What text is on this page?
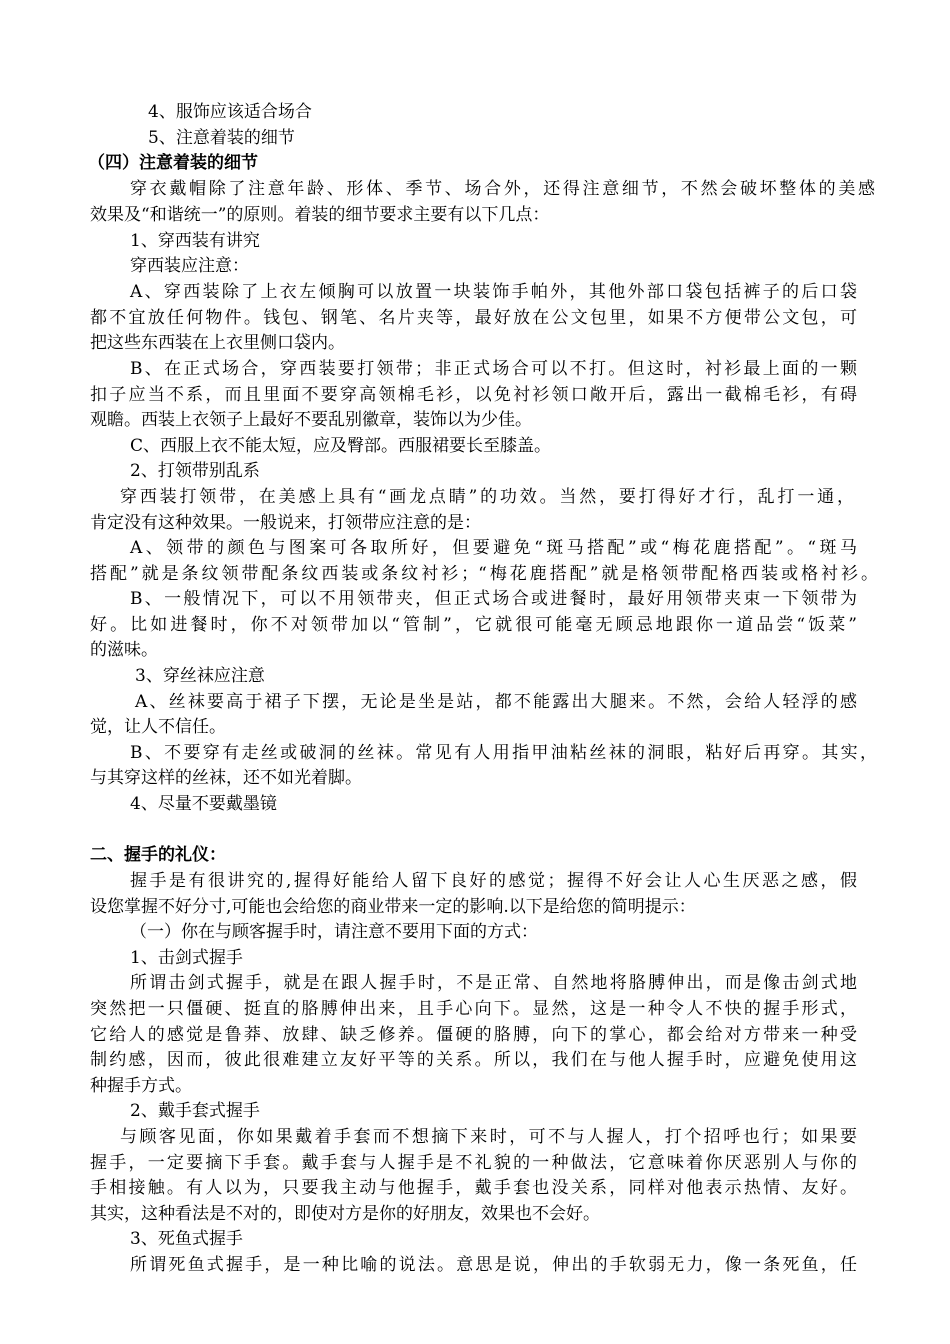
4、服饰应该适合场合
5、注意着装的细节
（四）注意着装的细节
穿衣戴帽除了注意年龄、形体、季节、场合外，还得注意细节，不然会破坏整体的美感
效果及“和谐统一”的原则。着装的细节要求主要有以下几点：
1、穿西装有讲究
穿西装应注意：
A、穿西装除了上衣左倾胸可以放置一块装饰手帕外，其他外部口袋包括裤子的后口袋
都不宜放任何物件。钱包、钢笔、名片夹等，最好放在公文包里，如果不方便带公文包，可
把这些东西装在上衣里侧口袋内。
B、在正式场合，穿西装要打领带；非正式场合可以不打。但这时，衬衫最上面的一颗
扣子应当不系，而且里面不要穿高领棉毛衫，以免衬衫领口敞开后，露出一截棉毛衫，有碍
观瞻。西装上衣领子上最好不要乱别徽章，装饰以为少佳。
C、西服上衣不能太短，应及臀部。西服裙要长至膝盖。
2、打领带别乱系
穿西装打领带，在美感上具有“画龙点睛”的功效。当然，要打得好才行，乱打一通，
肯定没有这种效果。一般说来，打领带应注意的是：
A、领带的颜色与图案可各取所好，但要避免“斑马搭配”或“梅花鹿搭配”。“斑马
搭配”就是条纹领带配条纹西装或条纹衬衫；“梅花鹿搭配”就是格领带配格西装或格衬衫。
B、一般情况下，可以不用领带夹，但正式场合或进餐时，最好用领带夹束一下领带为
好。比如进餐时，你不对领带加以“管制”，它就很可能毫无顾忌地跟你一道品尝“饭菜”
的滋味。
3、穿丝袜应注意
A、丝袜要高于裙子下摆，无论是坐是站，都不能露出大腿来。不然，会给人轻浮的感
觉，让人不信任。
B、不要穿有走丝或破洞的丝袜。常见有人用指甲油粘丝袜的洞眼，粘好后再穿。其实，
与其穿这样的丝袜，还不如光着脚。
4、尽量不要戴墨镜
二、握手的礼仪：
握手是有很讲究的,握得好能给人留下良好的感觉；握得不好会让人心生厌恶之感，假
设您掌握不好分寸,可能也会给您的商业带来一定的影响.以下是给您的简明提示：
（一）你在与顾客握手时，请注意不要用下面的方式：
1、击剑式握手
所谓击剑式握手，就是在跟人握手时，不是正常、自然地将胳膊伸出，而是像击剑式地
突然把一只僵硬、挺直的胳膊伸出来，且手心向下。显然，这是一种令人不快的握手形式，
它给人的感觉是鲁莽、放肆、缺乏修养。僵硬的胳膊，向下的掌心，都会给对方带来一种受
制约感，因而，彼此很难建立友好平等的关系。所以，我们在与他人握手时，应避免使用这
种握手方式。
2、戴手套式握手
与顾客见面，你如果戴着手套而不想摘下来时，可不与人握人，打个招呼也行；如果要
握手，一定要摘下手套。戴手套与人握手是不礼貌的一种做法，它意味着你厌恶别人与你的
手相接触。有人以为，只要我主动与他握手，戴手套也没关系，同样对他表示热情、友好。
其实，这种看法是不对的，即使对方是你的好朋友，效果也不会好。
3、死鱼式握手
所谓死鱼式握手，是一种比喻的说法。意思是说，伸出的手软弱无力，像一条死鱼，任
